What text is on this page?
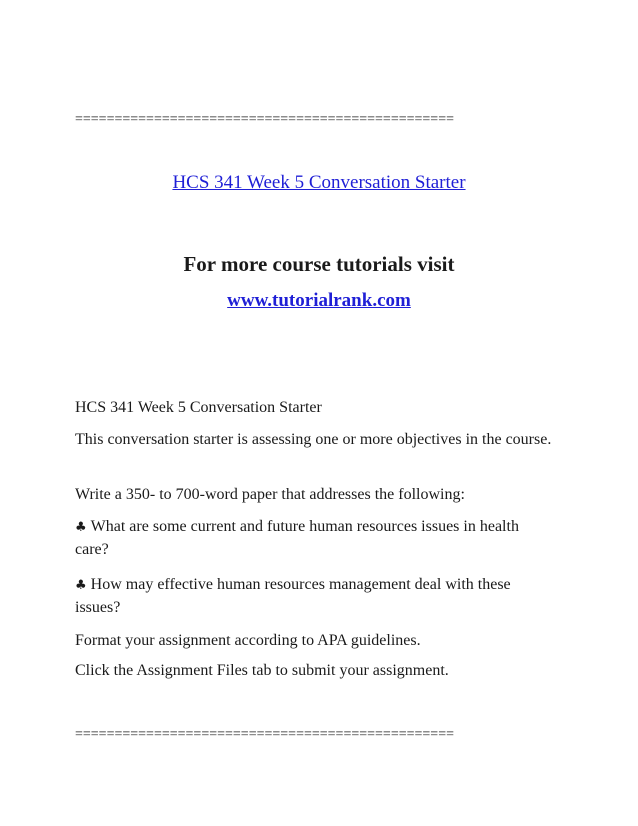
================================================
HCS 341 Week 5 Conversation Starter
For more course tutorials visit
www.tutorialrank.com
HCS 341 Week 5 Conversation Starter
This conversation starter is assessing one or more objectives in the course.
Write a 350- to 700-word paper that addresses the following:
♣ What are some current and future human resources issues in health care?
♣ How may effective human resources management deal with these issues?
Format your assignment according to APA guidelines.
Click the Assignment Files tab to submit your assignment.
================================================
